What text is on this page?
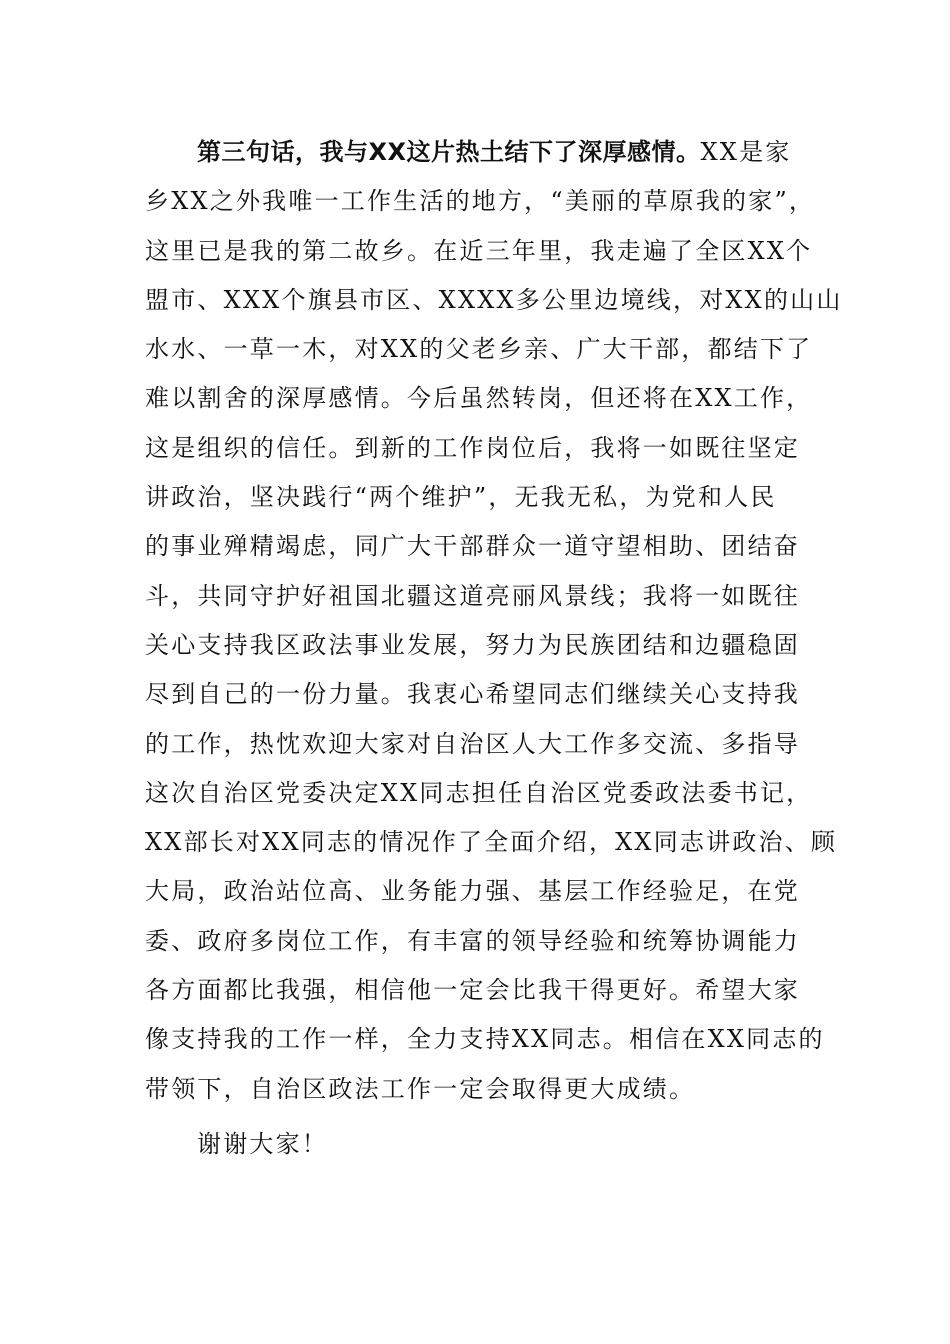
第三句话，我与XX这片热土结下了深厚感情。XX是家
乡XX之外我唯一工作生活的地方，“美丽的草原我的家”，
这里已是我的第二故乡。在近三年里，我走遍了全区XX个
盟市、XXX个旗县市区、XXXX多公里边境线，对XX的山山
水水、一草一木，对XX的父老乡亲、广大干部，都结下了
难以割舍的深厚感情。今后虽然转岗，但还将在XX工作，
这是组织的信任。到新的工作岗位后，我将一如既往坚定
讲政治，坚决践行“两个维护”，无我无私，为党和人民
的事业殚精竭虑，同广大干部群众一道守望相助、团结奋
斗，共同守护好祖国北疆这道亮丽风景线；我将一如既往
关心支持我区政法事业发展，努力为民族团结和边疆稳固
尽到自己的一份力量。我衷心希望同志们继续关心支持我
的工作，热忱欢迎大家对自治区人大工作多交流、多指导
这次自治区党委决定XX同志担任自治区党委政法委书记，
XX部长对XX同志的情况作了全面介绍，XX同志讲政治、顾
大局，政治站位高、业务能力强、基层工作经验足，在党
委、政府多岗位工作，有丰富的领导经验和统筹协调能力
各方面都比我强，相信他一定会比我干得更好。希望大家
像支持我的工作一样，全力支持XX同志。相信在XX同志的
带领下，自治区政法工作一定会取得更大成绩。
谢谢大家！
